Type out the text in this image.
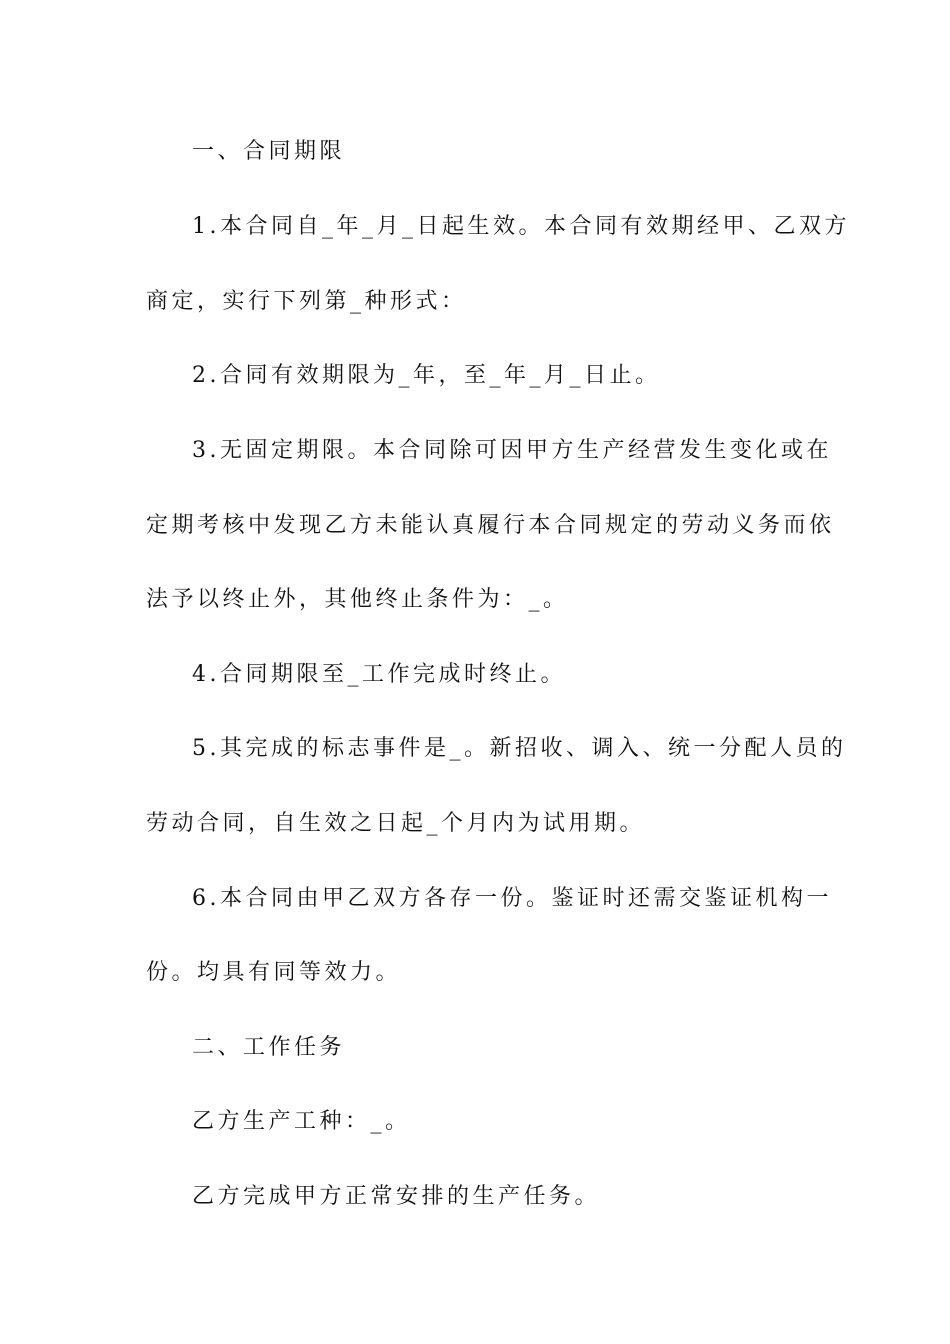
一、合同期限
1.本合同自_年_月_日起生效。本合同有效期经甲、乙双方
商定，实行下列第_种形式：
2.合同有效期限为_年，至_年_月_日止。
3.无固定期限。本合同除可因甲方生产经营发生变化或在
定期考核中发现乙方未能认真履行本合同规定的劳动义务而依
法予以终止外，其他终止条件为：_。
4.合同期限至_工作完成时终止。
5.其完成的标志事件是_。新招收、调入、统一分配人员的
劳动合同，自生效之日起_个月内为试用期。
6.本合同由甲乙双方各存一份。鉴证时还需交鉴证机构一
份。均具有同等效力。
二、工作任务
乙方生产工种：_。
乙方完成甲方正常安排的生产任务。
